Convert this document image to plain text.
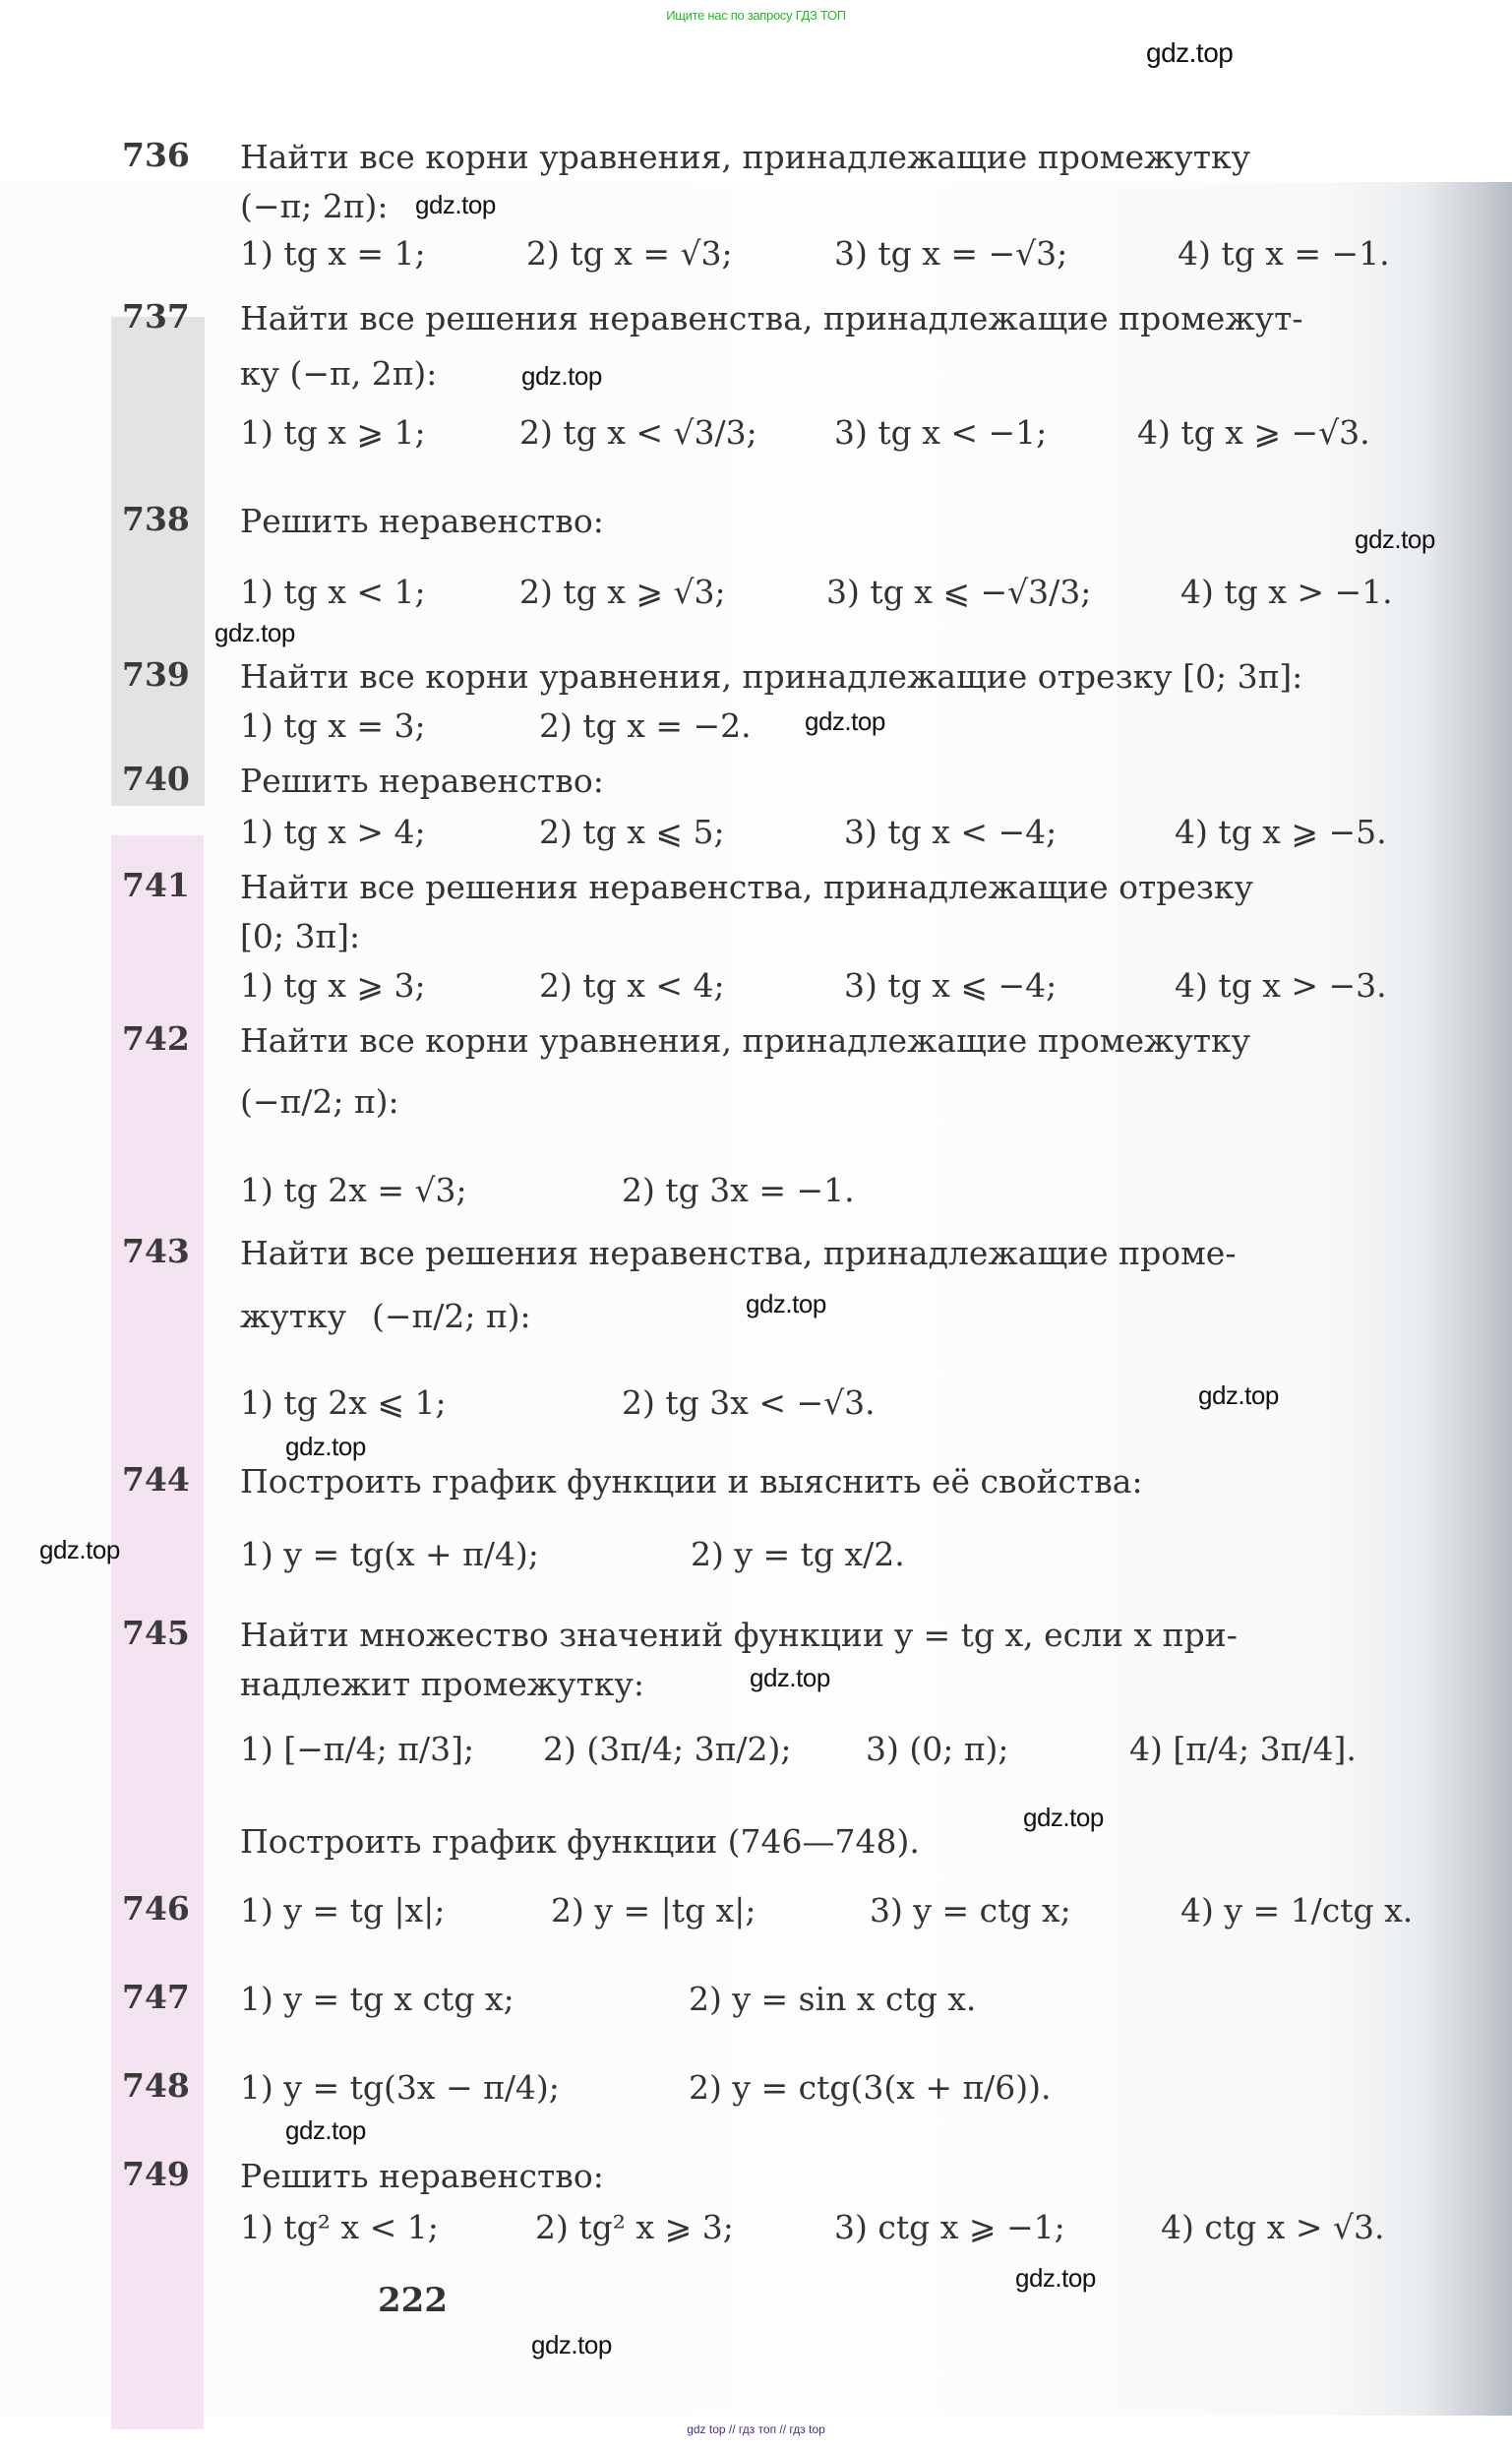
Ищите нас по запросу ГДЗ ТОП
gdz.top
gdz.top
gdz.top
gdz.top
gdz.top
gdz.top
gdz.top
gdz.top
gdz.top
gdz.top
gdz.top
gdz.top
gdz.top
gdz.top
gdz.top
736 Найти все корни уравнения, принадлежащие промежутку
(−π; 2π):
1) tg x = 1;	2) tg x = √3;	3) tg x = −√3;	4) tg x = −1.
737 Найти все решения неравенства, принадлежащие промежут-
ку (−π, 2π):
1) tg x ⩾ 1;	2) tg x < √3/3; 3) tg x < −1;	4) tg x ⩾ −√3.
738 Решить неравенство:
1) tg x < 1;	2) tg x ⩾ √3;	3) tg x ⩽ −√3/3;	4) tg x > −1.
739 Найти все корни уравнения, принадлежащие отрезку [0; 3π]:
1) tg x = 3;	2) tg x = −2.
740 Решить неравенство:
1) tg x > 4;	2) tg x ⩽ 5;	3) tg x < −4;	4) tg x ⩾ −5.
741 Найти все решения неравенства, принадлежащие отрезку
[0; 3π]:
1) tg x ⩾ 3;	2) tg x < 4;	3) tg x ⩽ −4;	4) tg x > −3.
742 Найти все корни уравнения, принадлежащие промежутку
(−π/2; π):
1) tg 2x = √3;	2) tg 3x = −1.
743 Найти все решения неравенства, принадлежащие проме-
жутку (−π/2; π):
1) tg 2x ⩽ 1;	2) tg 3x < −√3.
744 Построить график функции и выяснить её свойства:
1) y = tg(x + π/4);	2) y = tg x/2.
745 Найти множество значений функции y = tg x, если x при-
надлежит промежутку:
1) [−π/4; π/3]; 2) (3π/4; 3π/2); 3) (0; π);	4) [π/4; 3π/4].
Построить график функции (746—748).
746 1) y = tg |x|;	2) y = |tg x|;	3) y = ctg x;	4) y = 1/ctg x.
747 1) y = tg x ctg x;	2) y = sin x ctg x.
748 1) y = tg(3x − π/4);	2) y = ctg(3(x + π/6)).
749 Решить неравенство:
1) tg² x < 1;	2) tg² x ⩾ 3;	3) ctg x ⩾ −1;	4) ctg x > √3.
222
gdz top // гдз топ // гдз top
